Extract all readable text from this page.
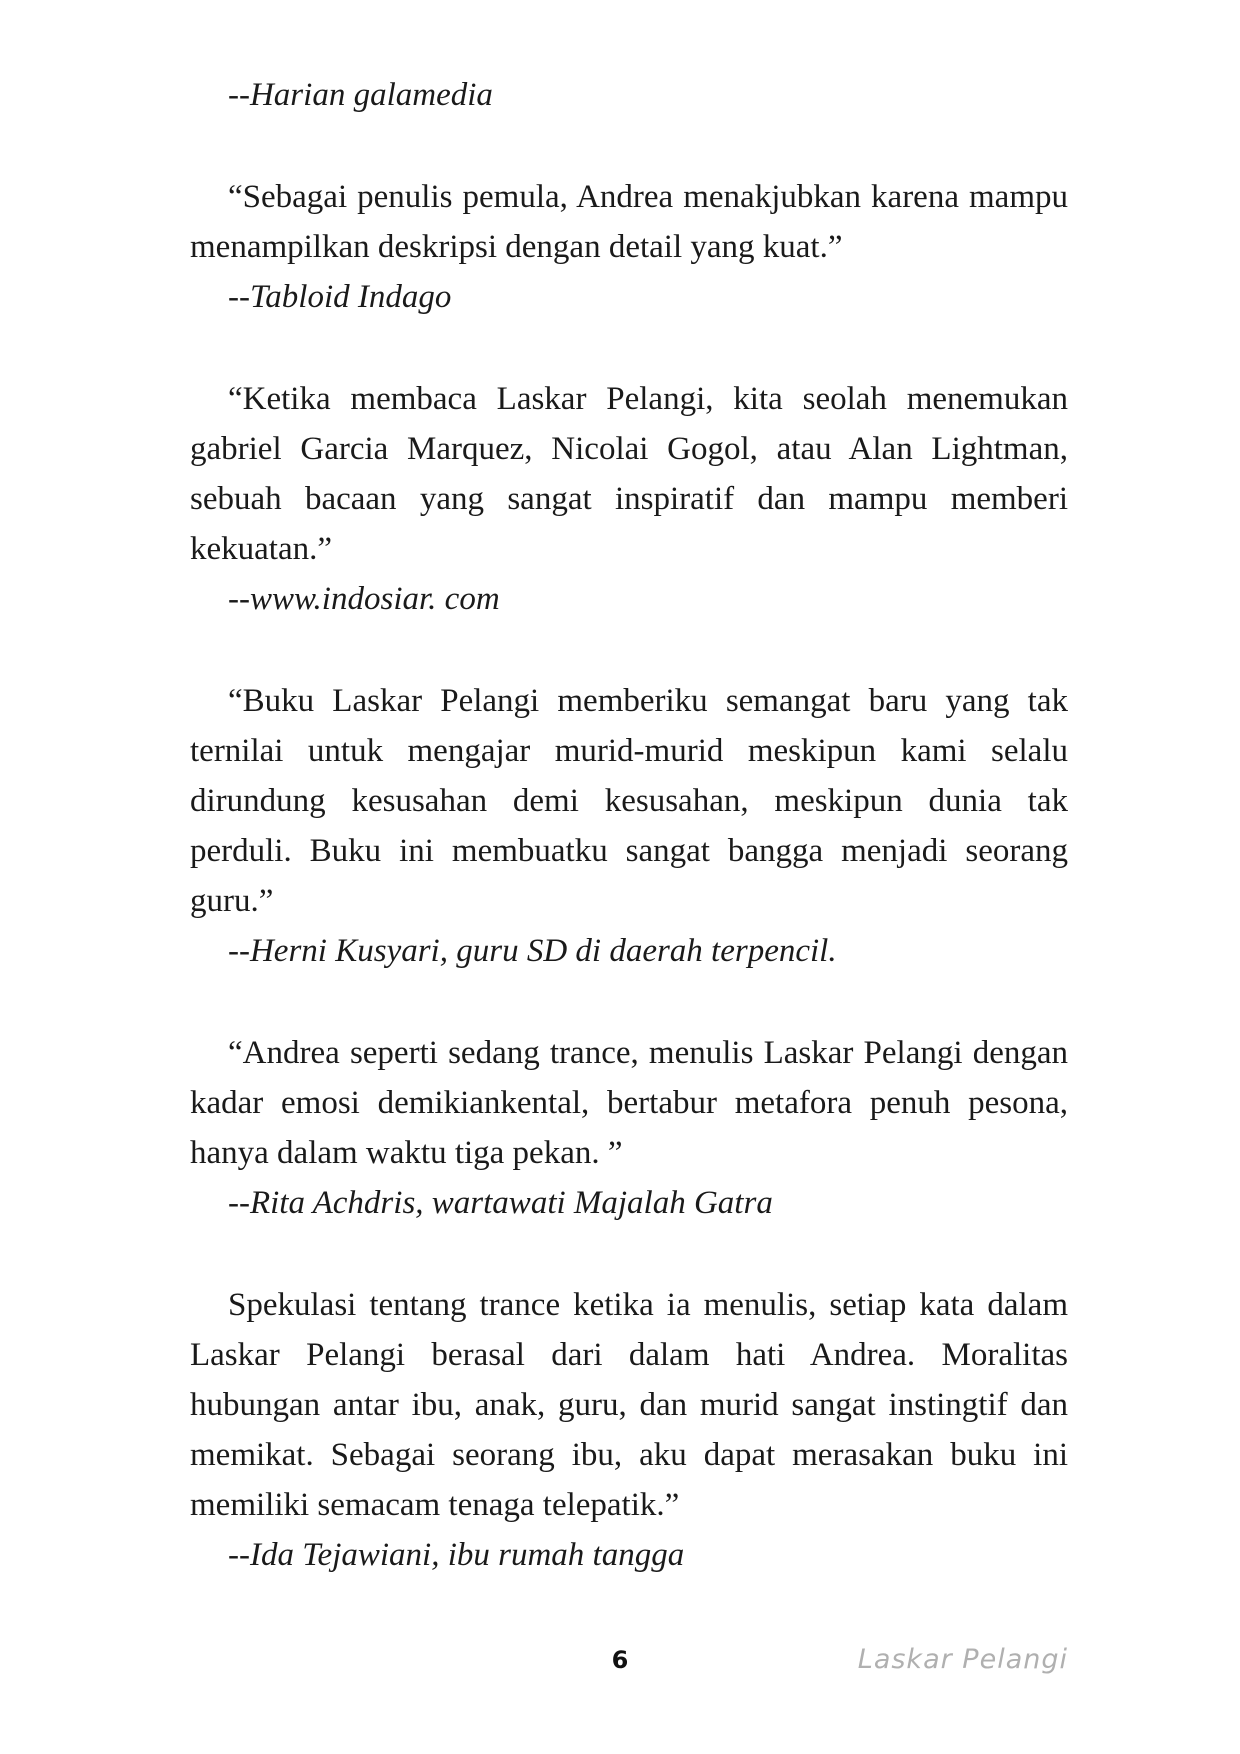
--Harian galamedia

“Sebagai penulis pemula, Andrea menakjubkan karena mampu menampilkan deskripsi dengan detail yang kuat.”

--Tabloid Indago

“Ketika membaca Laskar Pelangi, kita seolah menemukan gabriel Garcia Marquez, Nicolai Gogol, atau Alan Lightman, sebuah bacaan yang sangat inspiratif dan mampu memberi kekuatan.”

--www.indosiar. com

“Buku Laskar Pelangi memberiku semangat baru yang tak ternilai untuk mengajar murid-murid meskipun kami selalu dirundung kesusahan demi kesusahan, meskipun dunia tak perduli. Buku ini membuatku sangat bangga menjadi seorang guru.”

--Herni Kusyari, guru SD di daerah terpencil.

“Andrea seperti sedang trance, menulis Laskar Pelangi dengan kadar emosi demikiankental, bertabur metafora penuh pesona, hanya dalam waktu tiga pekan. ”

--Rita Achdris, wartawati Majalah Gatra

Spekulasi tentang trance ketika ia menulis, setiap kata dalam Laskar Pelangi berasal dari dalam hati Andrea. Moralitas hubungan antar ibu, anak, guru, dan murid sangat instingtif dan memikat. Sebagai seorang ibu, aku dapat merasakan buku ini memiliki semacam tenaga telepatik.”

--Ida Tejawiani, ibu rumah tangga

6	Laskar Pelangi
